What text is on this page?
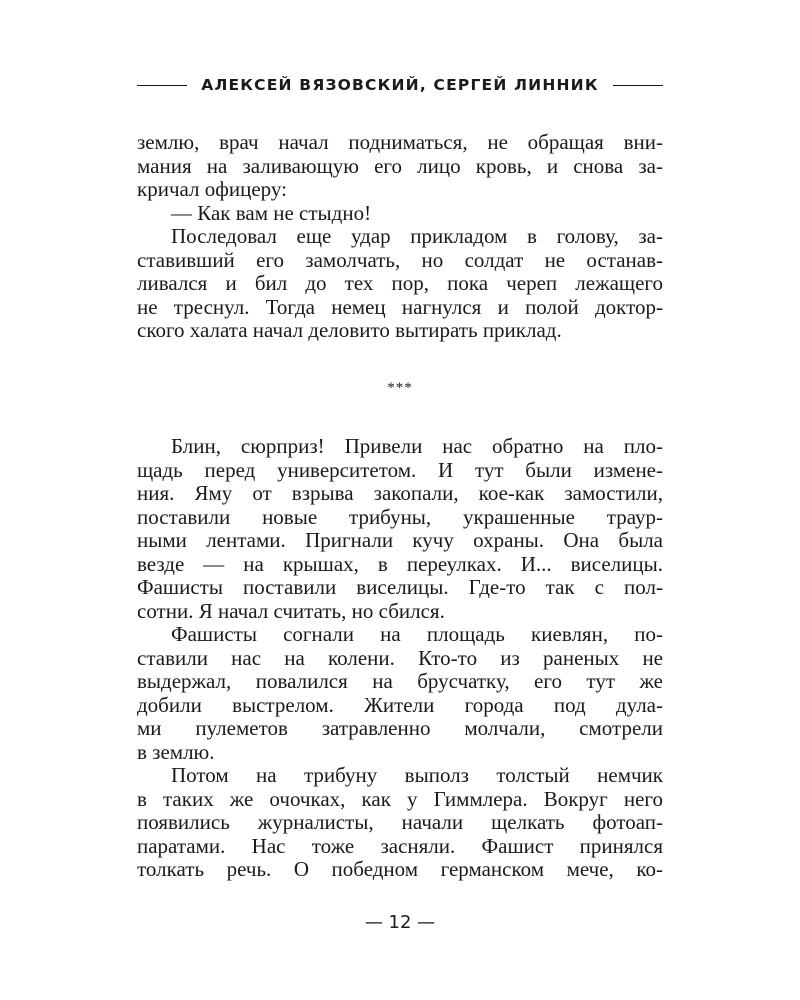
АЛЕКСЕЙ ВЯЗОВСКИЙ, СЕРГЕЙ ЛИННИК
землю, врач начал подниматься, не обращая вни-
мания на заливающую его лицо кровь, и снова за-
кричал офицеру:
— Как вам не стыдно!
Последовал еще удар прикладом в голову, за-
ставивший его замолчать, но солдат не останав-
ливался и бил до тех пор, пока череп лежащего
не треснул. Тогда немец нагнулся и полой доктор-
ского халата начал деловито вытирать приклад.
***
Блин, сюрприз! Привели нас обратно на пло-
щадь перед университетом. И тут были измене-
ния. Яму от взрыва закопали, кое-как замостили,
поставили новые трибуны, украшенные траур-
ными лентами. Пригнали кучу охраны. Она была
везде — на крышах, в переулках. И... виселицы.
Фашисты поставили виселицы. Где-то так с пол-
сотни. Я начал считать, но сбился.
Фашисты согнали на площадь киевлян, по-
ставили нас на колени. Кто-то из раненых не
выдержал, повалился на брусчатку, его тут же
добили выстрелом. Жители города под дула-
ми пулеметов затравленно молчали, смотрели
в землю.
Потом на трибуну выполз толстый немчик
в таких же очочках, как у Гиммлера. Вокруг него
появились журналисты, начали щелкать фотоап-
паратами. Нас тоже засняли. Фашист принялся
толкать речь. О победном германском мече, ко-
— 12 —
